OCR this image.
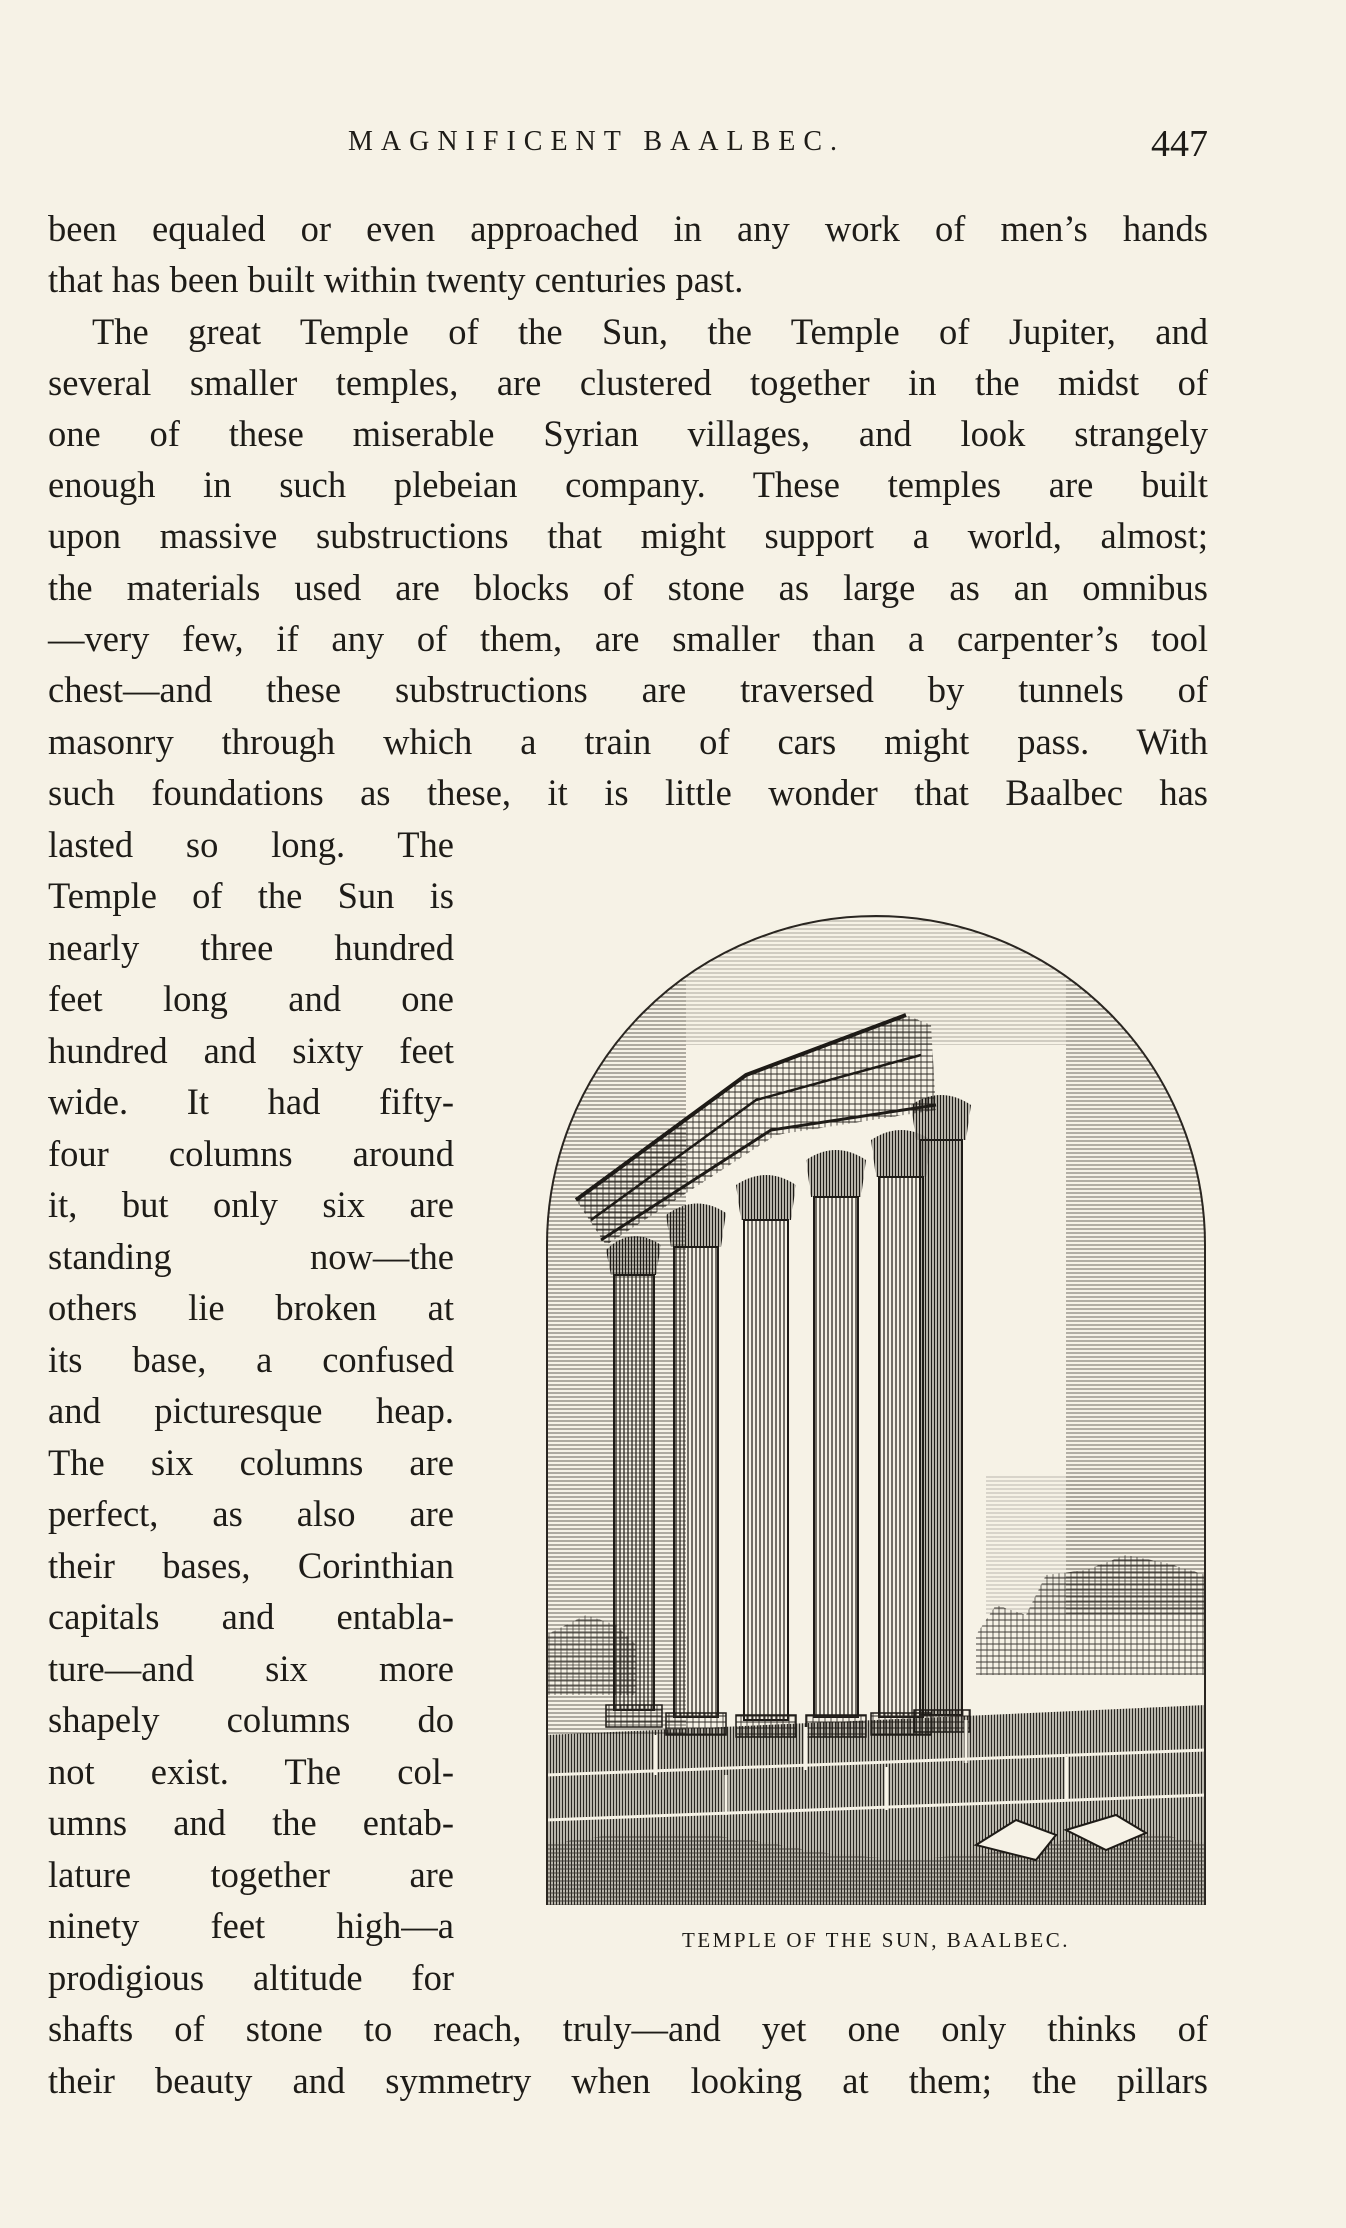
MAGNIFICENT BAALBEC.	447
been equaled or even approached in any work of men’s hands
that has been built within twenty centuries past.
The great Temple of the Sun, the Temple of Jupiter, and
several smaller temples, are clustered together in the midst of
one of these miserable Syrian villages, and look strangely
enough in such plebeian company. These temples are built
upon massive substructions that might support a world, almost;
the materials used are blocks of stone as large as an omnibus
—very few, if any of them, are smaller than a carpenter’s tool
chest—and these substructions are traversed by tunnels of
masonry through which a train of cars might pass. With
such foundations as these, it is little wonder that Baalbec has
lasted so long. The
Temple of the Sun is
nearly three hundred
feet long and one
hundred and sixty feet
wide. It had fifty-
four columns around
it, but only six are
standing now—the
others lie broken at
its base, a confused
and picturesque heap.
The six columns are
perfect, as also are
their bases, Corinthian
capitals and entabla-
ture—and six more
shapely columns do
not exist. The col-
umns and the entab-
lature together are
ninety feet high—a
prodigious altitude for
shafts of stone to reach, truly—and yet one only thinks of
their beauty and symmetry when looking at them; the pillars
TEMPLE OF THE SUN, BAALBEC.
